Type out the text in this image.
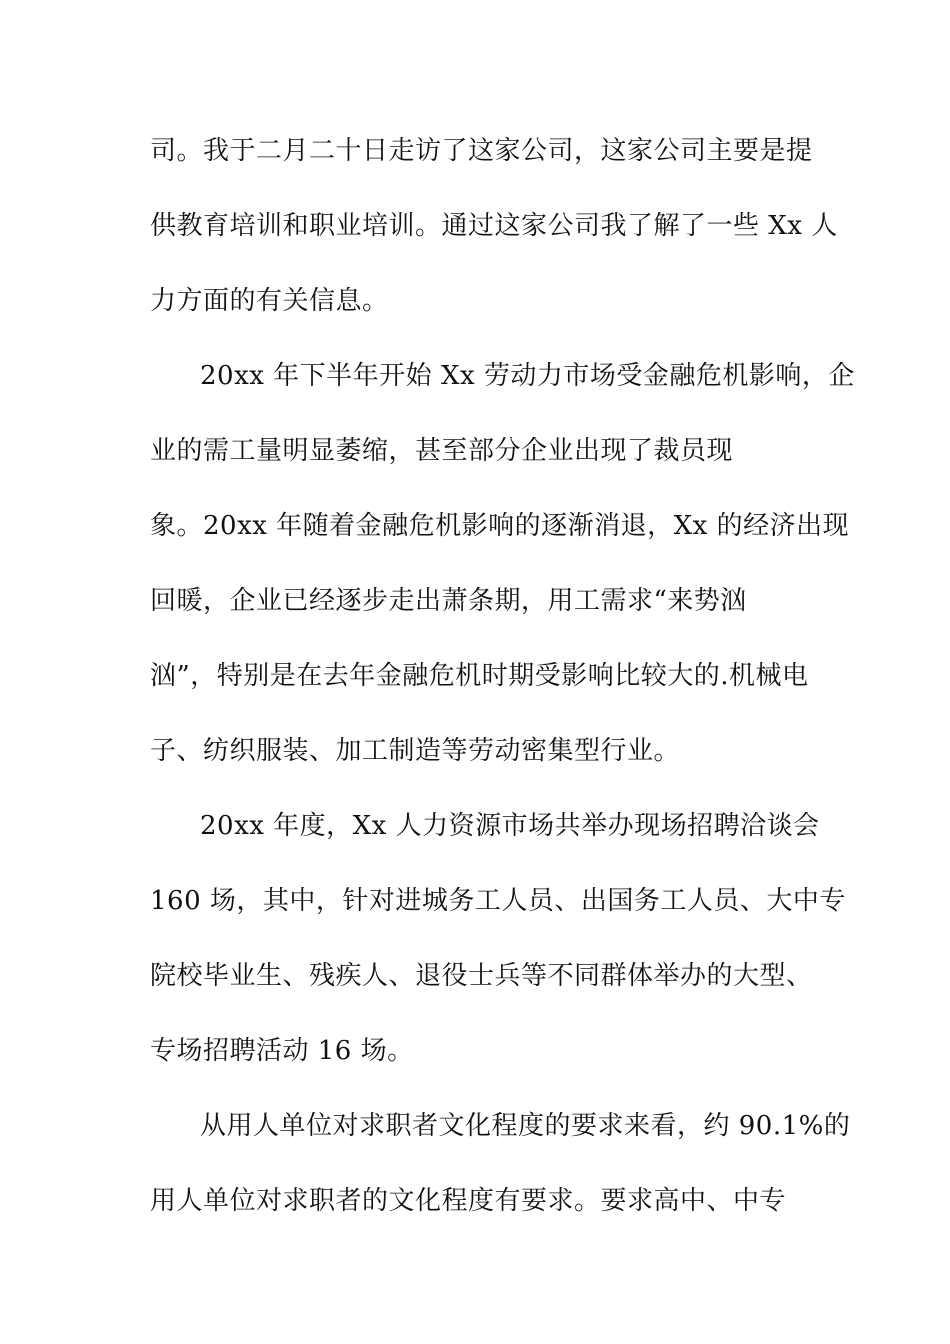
司。我于二月二十日走访了这家公司，这家公司主要是提
供教育培训和职业培训。通过这家公司我了解了一些 Xx 人
力方面的有关信息。
20xx 年下半年开始 Xx 劳动力市场受金融危机影响，企
业的需工量明显萎缩，甚至部分企业出现了裁员现
象。20xx 年随着金融危机影响的逐渐消退，Xx 的经济出现
回暖，企业已经逐步走出萧条期，用工需求“来势汹
汹”，特别是在去年金融危机时期受影响比较大的.机械电
子、纺织服装、加工制造等劳动密集型行业。
20xx 年度，Xx 人力资源市场共举办现场招聘洽谈会
160 场，其中，针对进城务工人员、出国务工人员、大中专
院校毕业生、残疾人、退役士兵等不同群体举办的大型、
专场招聘活动 16 场。
从用人单位对求职者文化程度的要求来看，约 90.1%的
用人单位对求职者的文化程度有要求。要求高中、中专
